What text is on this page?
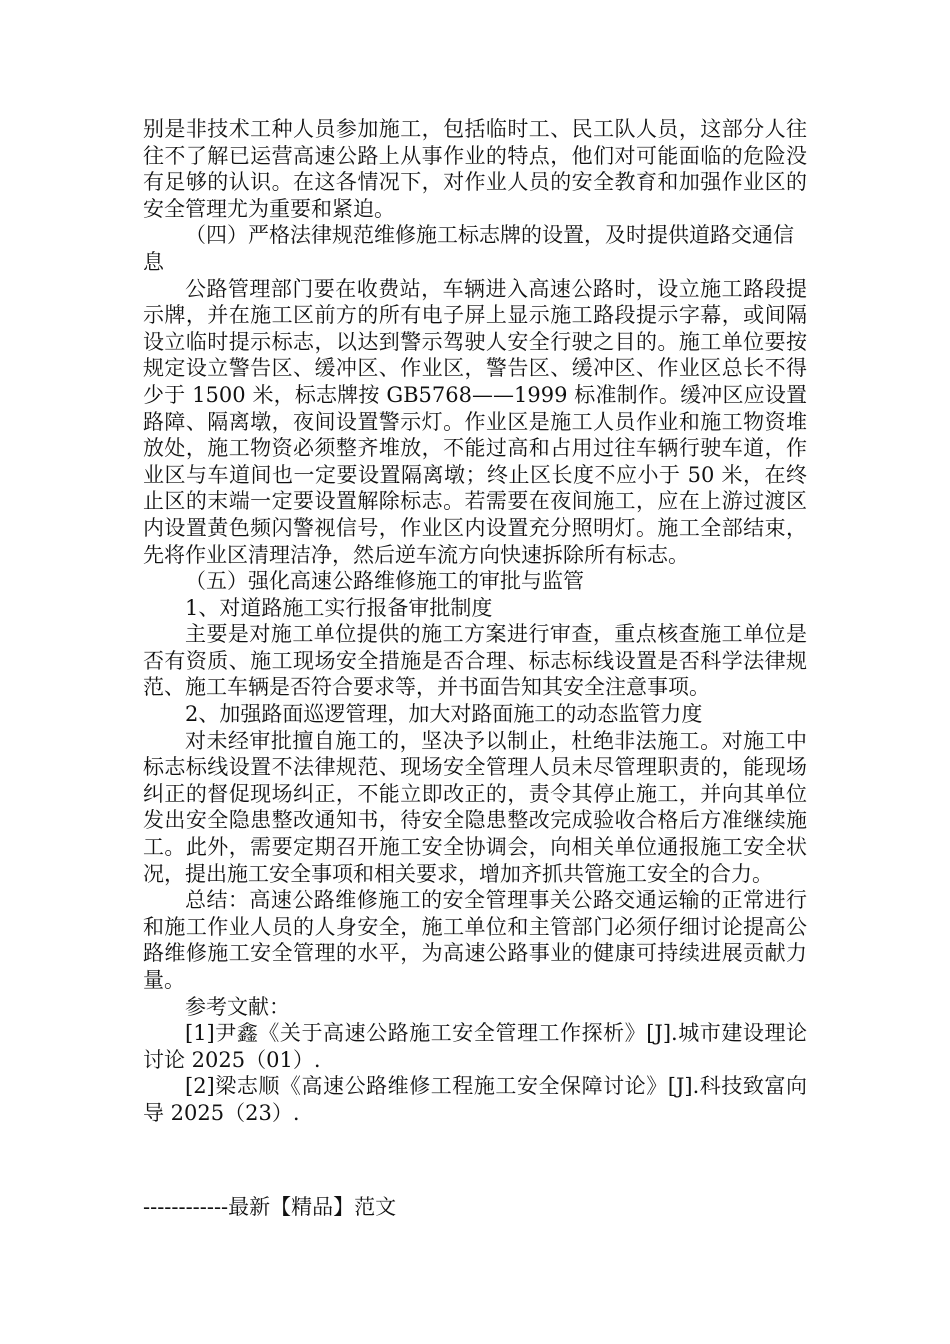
别是非技术工种人员参加施工，包括临时工、民工队人员，这部分人往往不了解已运营高速公路上从事作业的特点，他们对可能面临的危险没有足够的认识。在这各情况下，对作业人员的安全教育和加强作业区的安全管理尤为重要和紧迫。

（四）严格法律规范维修施工标志牌的设置，及时提供道路交通信息

公路管理部门要在收费站，车辆进入高速公路时，设立施工路段提示牌，并在施工区前方的所有电子屏上显示施工路段提示字幕，或间隔设立临时提示标志，以达到警示驾驶人安全行驶之目的。施工单位要按规定设立警告区、缓冲区、作业区，警告区、缓冲区、作业区总长不得少于 1500 米，标志牌按 GB5768——1999 标准制作。缓冲区应设置路障、隔离墩，夜间设置警示灯。作业区是施工人员作业和施工物资堆放处，施工物资必须整齐堆放，不能过高和占用过往车辆行驶车道，作业区与车道间也一定要设置隔离墩；终止区长度不应小于 50 米，在终止区的末端一定要设置解除标志。若需要在夜间施工，应在上游过渡区内设置黄色频闪警视信号，作业区内设置充分照明灯。施工全部结束，先将作业区清理洁净，然后逆车流方向快速拆除所有标志。

（五）强化高速公路维修施工的审批与监管

1、对道路施工实行报备审批制度

主要是对施工单位提供的施工方案进行审查，重点核查施工单位是否有资质、施工现场安全措施是否合理、标志标线设置是否科学法律规范、施工车辆是否符合要求等，并书面告知其安全注意事项。

2、加强路面巡逻管理，加大对路面施工的动态监管力度

对未经审批擅自施工的，坚决予以制止，杜绝非法施工。对施工中标志标线设置不法律规范、现场安全管理人员未尽管理职责的，能现场纠正的督促现场纠正，不能立即改正的，责令其停止施工，并向其单位发出安全隐患整改通知书，待安全隐患整改完成验收合格后方准继续施工。此外，需要定期召开施工安全协调会，向相关单位通报施工安全状况，提出施工安全事项和相关要求，增加齐抓共管施工安全的合力。

总结：高速公路维修施工的安全管理事关公路交通运输的正常进行和施工作业人员的人身安全，施工单位和主管部门必须仔细讨论提高公路维修施工安全管理的水平，为高速公路事业的健康可持续进展贡献力量。

参考文献：

[1]尹鑫《关于高速公路施工安全管理工作探析》[J].城市建设理论讨论 2025（01）.

[2]梁志顺《高速公路维修工程施工安全保障讨论》[J].科技致富向导 2025（23）.

------------最新【精品】范文
